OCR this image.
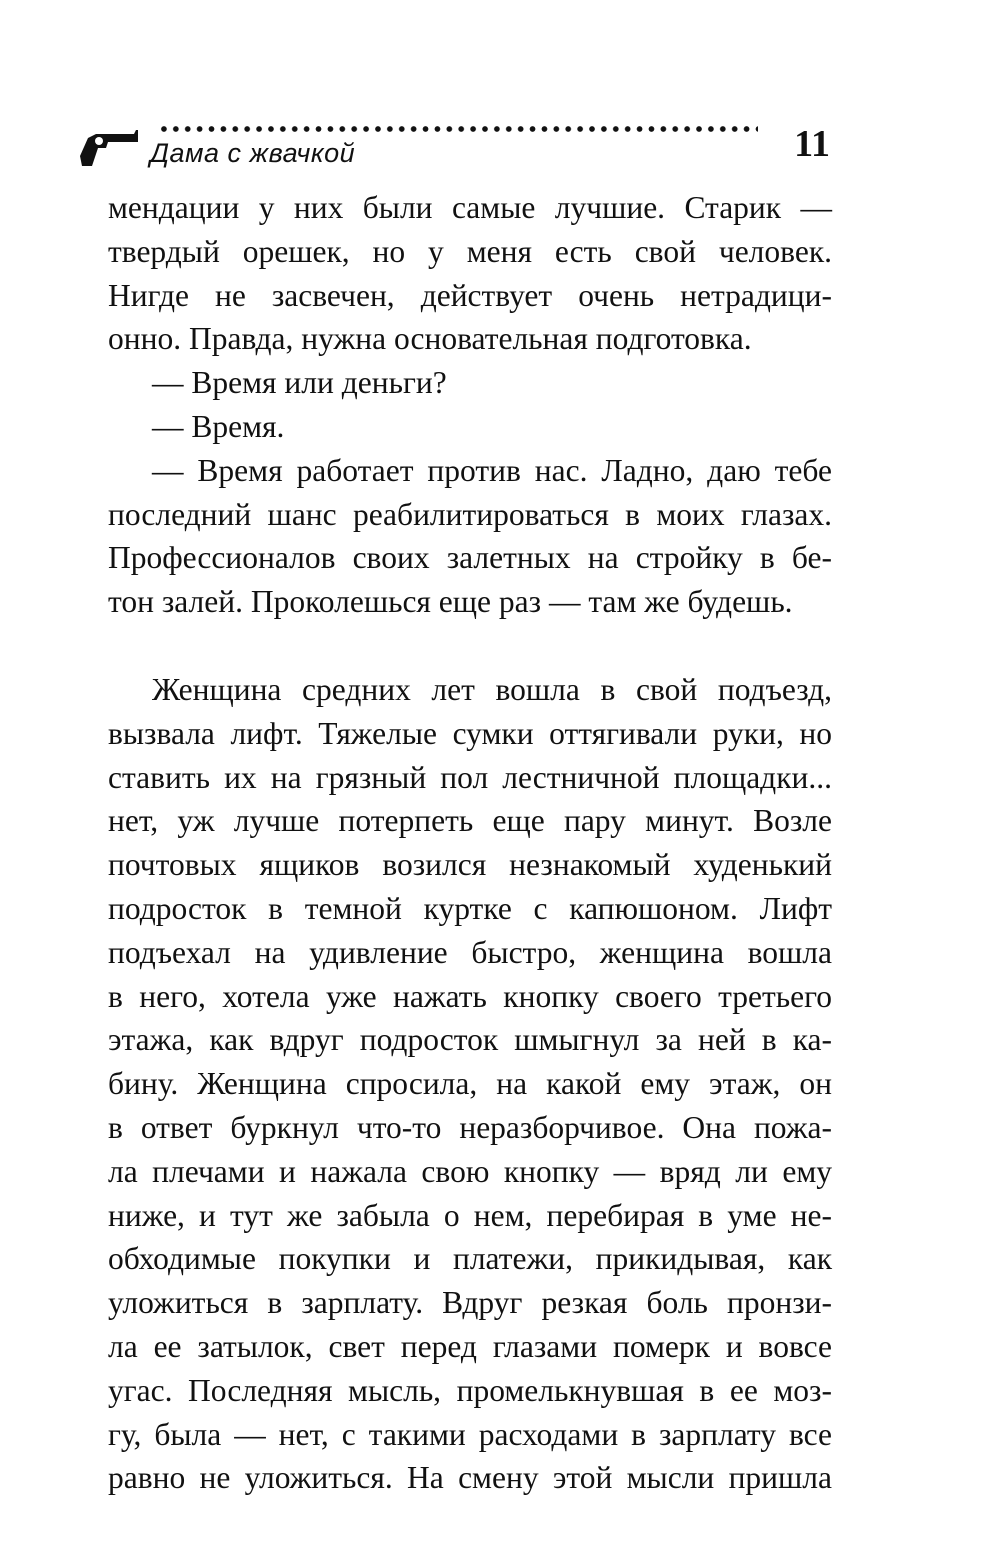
Дама с жвачкой	11
мендации у них были самые лучшие. Старик —
твердый орешек, но у меня есть свой человек.
Нигде не засвечен, действует очень нетрадици-
онно. Правда, нужна основательная подготовка.
— Время или деньги?
— Время.
— Время работает против нас. Ладно, даю тебе
последний шанс реабилитироваться в моих глазах.
Профессионалов своих залетных на стройку в бе-
тон залей. Проколешься еще раз — там же будешь.
Женщина средних лет вошла в свой подъезд,
вызвала лифт. Тяжелые сумки оттягивали руки, но
ставить их на грязный пол лестничной площадки...
нет, уж лучше потерпеть еще пару минут. Возле
почтовых ящиков возился незнакомый худенький
подросток в темной куртке с капюшоном. Лифт
подъехал на удивление быстро, женщина вошла
в него, хотела уже нажать кнопку своего третьего
этажа, как вдруг подросток шмыгнул за ней в ка-
бину. Женщина спросила, на какой ему этаж, он
в ответ буркнул что-то неразборчивое. Она пожа-
ла плечами и нажала свою кнопку — вряд ли ему
ниже, и тут же забыла о нем, перебирая в уме не-
обходимые покупки и платежи, прикидывая, как
уложиться в зарплату. Вдруг резкая боль пронзи-
ла ее затылок, свет перед глазами померк и вовсе
угас. Последняя мысль, промелькнувшая в ее моз-
гу, была — нет, с такими расходами в зарплату все
равно не уложиться. На смену этой мысли пришла
